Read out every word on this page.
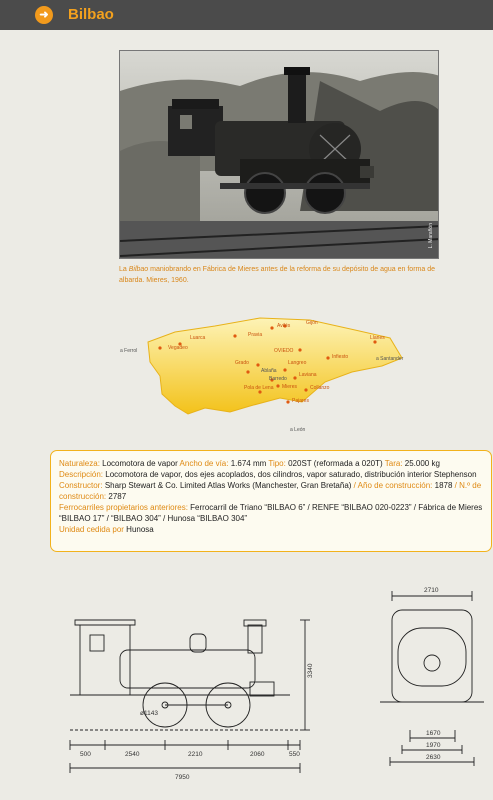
➜ Bilbao
L. Marañón
La Bilbao maniobrando en Fábrica de Mieres antes de la reforma de su depósito de agua en forma de albarda. Mieres, 1960.
Luarca	Pravia
Avilés	Gijón
Vegadeo
Llanes
OVIEDO
Infiesto
Grado	Langreo
Ablaña
Barredo
Mieres
Laviana
Pola de Lena	Collanzo
Pajares
a Ferrol
a Santander
a León
Naturaleza: Locomotora de vapor Ancho de vía: 1.674 mm Tipo: 020ST (reformada a 020T) Tara: 25.000 kg
Descripción: Locomotora de vapor, dos ejes acoplados, dos cilindros, vapor saturado, distribución interior Stephenson
Constructor: Sharp Stewart & Co. Limited Atlas Works (Manchester, Gran Bretaña) / Año de construcción: 1878 / N.º de construcción: 2787
Ferrocarriles propietarios anteriores: Ferrocarril de Triano “BILBAO 6” / RENFE “BILBAO 020-0223” / Fábrica de Mieres “BILBAO 17” / “BILBAO 304” / Hunosa “BILBAO 304”
Unidad cedida por Hunosa
3340
ø1143
500	2540	2210	2060	550
7950
2710
1670
1970
2630
